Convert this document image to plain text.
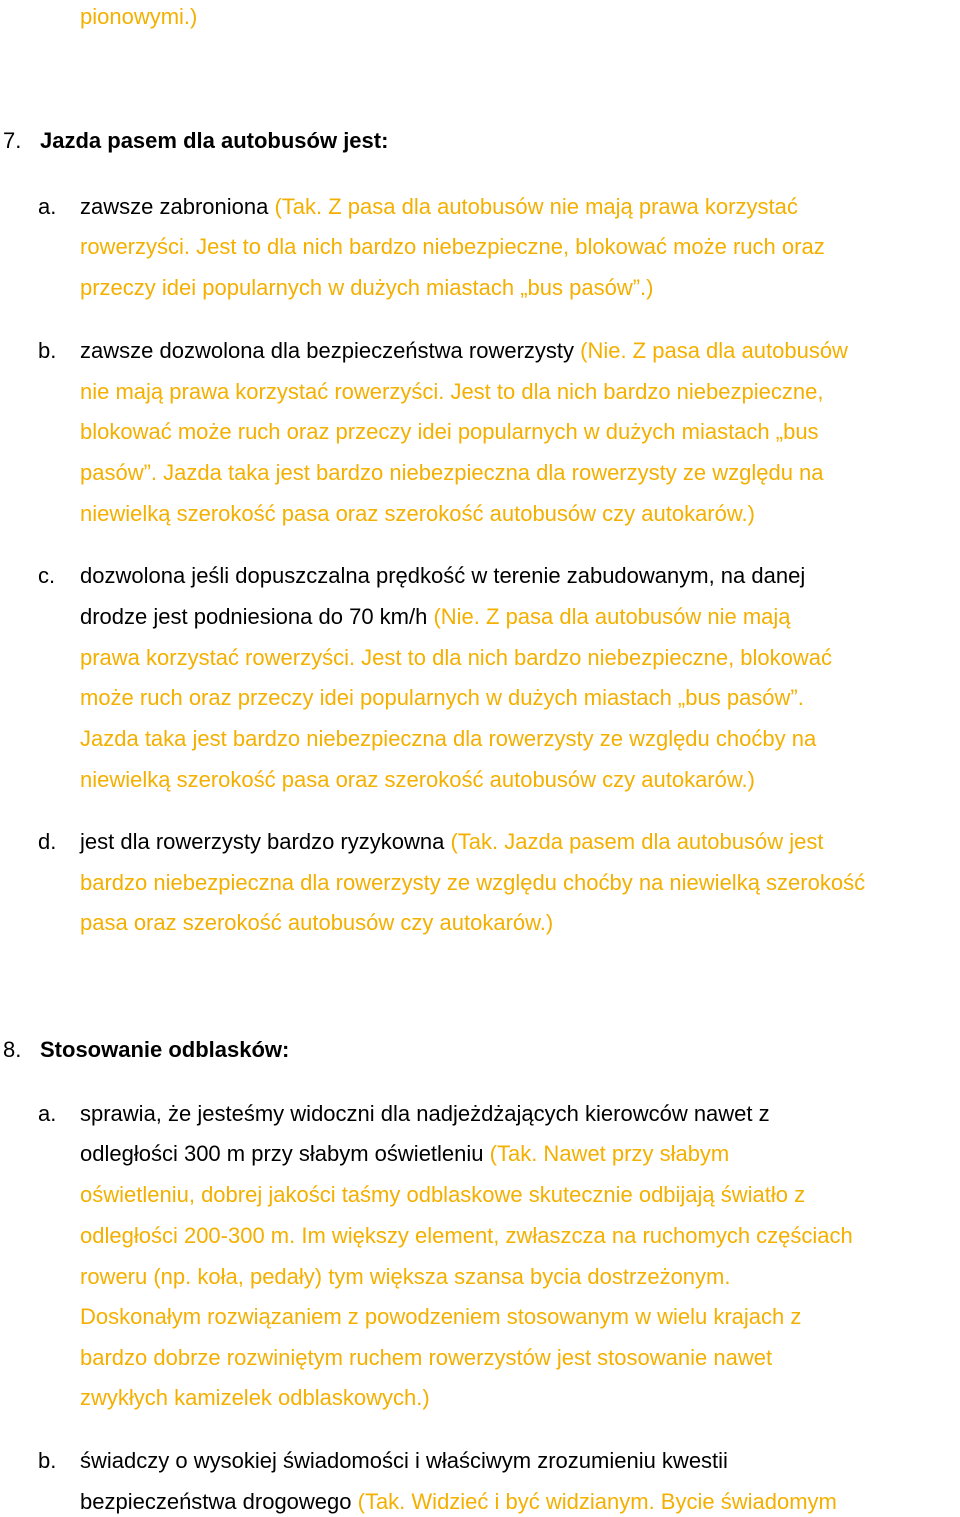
pionowymi.)
7. Jazda pasem dla autobusów jest:
a.	zawsze zabroniona (Tak. Z pasa dla autobusów nie mają prawa korzystać
rowerzyści. Jest to dla nich bardzo niebezpieczne, blokować może ruch oraz
przeczy idei popularnych w dużych miastach „bus pasów”.)
b.	zawsze dozwolona dla bezpieczeństwa rowerzysty (Nie. Z pasa dla autobusów
nie mają prawa korzystać rowerzyści. Jest to dla nich bardzo niebezpieczne,
blokować może ruch oraz przeczy idei popularnych w dużych miastach „bus
pasów”. Jazda taka jest bardzo niebezpieczna dla rowerzysty ze względu na
niewielką szerokość pasa oraz szerokość autobusów czy autokarów.)
c.	dozwolona jeśli dopuszczalna prędkość w terenie zabudowanym, na danej
drodze jest podniesiona do 70 km/h (Nie. Z pasa dla autobusów nie mają
prawa korzystać rowerzyści. Jest to dla nich bardzo niebezpieczne, blokować
może ruch oraz przeczy idei popularnych w dużych miastach „bus pasów”.
Jazda taka jest bardzo niebezpieczna dla rowerzysty ze względu choćby na
niewielką szerokość pasa oraz szerokość autobusów czy autokarów.)
d.	jest dla rowerzysty bardzo ryzykowna (Tak. Jazda pasem dla autobusów jest
bardzo niebezpieczna dla rowerzysty ze względu choćby na niewielką szerokość
pasa oraz szerokość autobusów czy autokarów.)
8. Stosowanie odblasków:
a.	sprawia, że jesteśmy widoczni dla nadjeżdżających kierowców nawet z
odległości 300 m przy słabym oświetleniu (Tak. Nawet przy słabym
oświetleniu, dobrej jakości taśmy odblaskowe skutecznie odbijają światło z
odległości 200-300 m. Im większy element, zwłaszcza na ruchomych częściach
roweru (np. koła, pedały) tym większa szansa bycia dostrzeżonym.
Doskonałym rozwiązaniem z powodzeniem stosowanym w wielu krajach z
bardzo dobrze rozwiniętym ruchem rowerzystów jest stosowanie nawet
zwykłych kamizelek odblaskowych.)
b.	świadczy o wysokiej świadomości i właściwym zrozumieniu kwestii
bezpieczeństwa drogowego (Tak. Widzieć i być widzianym. Bycie świadomym
